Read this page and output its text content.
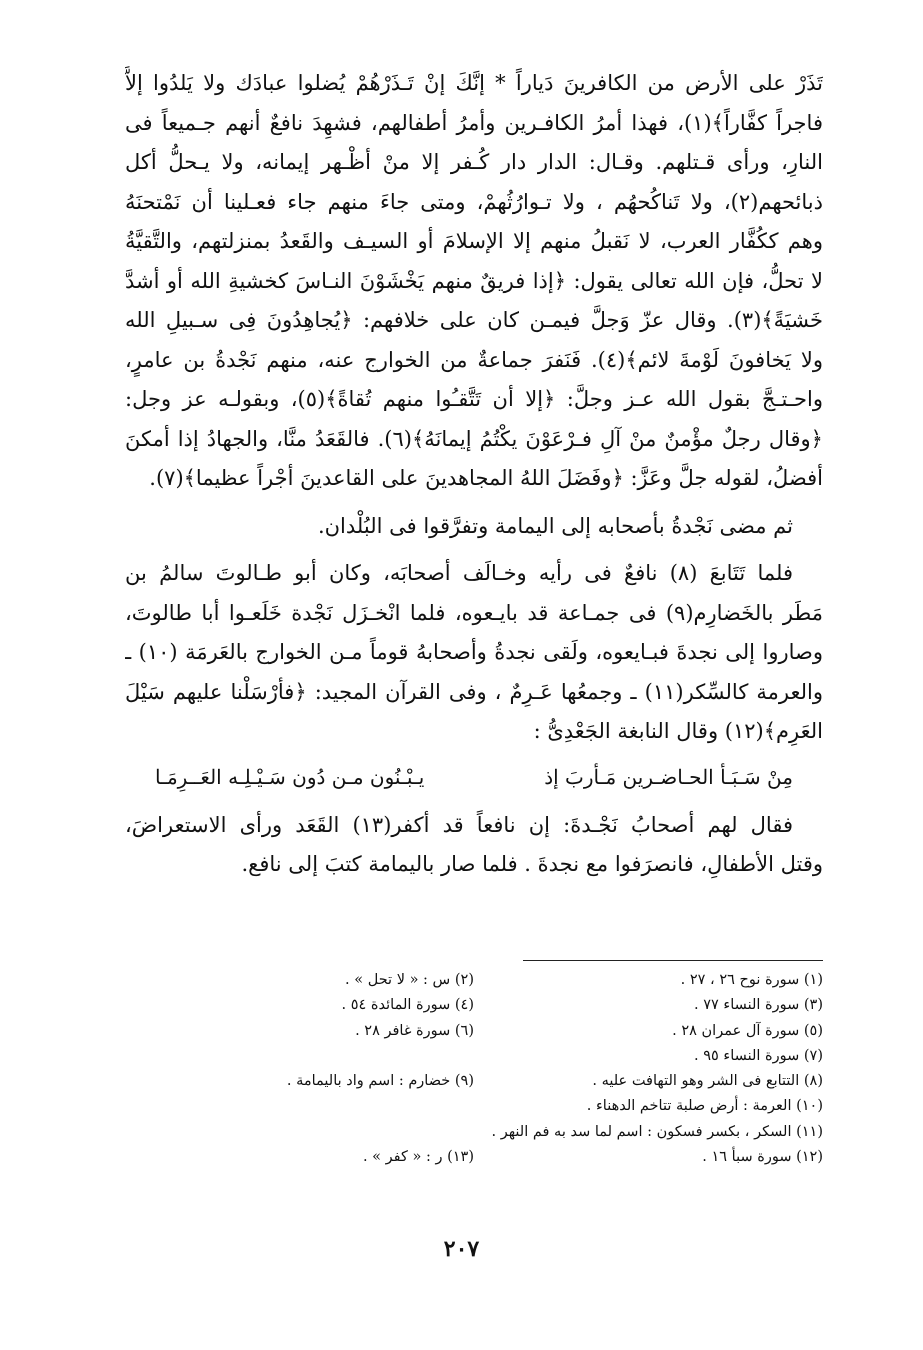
تَذَرْ على الأرض من الكافرينَ دَياراً * إنَّكَ إنْ تَـذَرْهُمْ يُضلوا عبادَك ولا يَلدُوا إلاَّ
فاجراً كفَّاراً﴾(١)، فهذا أمرُ الكافـرين وأمرُ أطفالهم، فشهِدَ نافعٌ أنهم جـميعاً فى
النارِ، ورأى قـتلهم. وقـال: الدار دار كُـفر إلا منْ أظْـهر إيمانه، ولا يـحلُّ أكل
ذبائحهم(٢)، ولا تَناكُحهُم ، ولا تـوارُثُهمْ، ومتى جاءَ منهم جاء فعـلينا أن نَمْتحنَهُ
وهم ككُفَّار العرب، لا نَقبلُ منهم إلا الإسلامَ أو السيـف والقَعدُ بمنزلتهم، والتَّقيَّةُ
لا تحلُّ، فإن الله تعالى يقول: ﴿إذا فريقٌ منهم يَخْشَوْنَ النـاسَ كخشيةِ الله أو أشدَّ
خَشيَةً﴾(٣). وقال عزّ وَجلَّ فيمـن كان على خلافهم: ﴿يُجاهِدُونَ فِى سـبيلِ الله
ولا يَخافونَ لَوْمةَ لائم﴾(٤). فَنَفرَ جماعةٌ من الخوارج عنه، منهم نَجْدةُ بن عامرٍ،
واحـتـجَّ بقول الله عـز وجلَّ: ﴿إلا أن تَتَّقـُوا منهم تُقاةً﴾(٥)، وبقولـه عز وجل:
﴿وقال رجلٌ مؤْمنٌ منْ آلِ فـرْعَوْنَ يكْتُمُ إيمانَهُ﴾(٦). فالقَعَدُ منَّا، والجهادُ إذا أمكنَ
أفضلُ، لقوله جلَّ وعَزَّ: ﴿وفَضَلَ اللهُ المجاهدينَ على القاعدينَ أجْراً عظيما﴾(٧).
ثم مضى نَجْدةُ بأصحابه إلى اليمامة وتفرَّقوا فى البُلْدان.
فلما تَتَابعَ (٨) نافعٌ فى رأيه وخـالَف أصحابَه، وكان أبو طـالوتَ سالمُ بن
مَطَر بالخَضارِم(٩) فى جمـاعة قد بايـعوه، فلما انْخـزَل نَجْدة خَلَعـوا أبا طالوتَ،
وصاروا إلى نجدةَ فبـايعوه، ولَقى نجدةُ وأصحابهُ قوماً مـن الخوارج بالعَرمَة (١٠) ـ
والعرمة كالسِّكر(١١) ـ وجمعُها عَـرِمٌ ، وفى القرآن المجيد: ﴿فأرْسَلْنا عليهم سَيْلَ
العَرِم﴾(١٢) وقال النابغة الجَعْدِىُّ :
مِنْ سَـبَـأ الحـاضـرين مَـأربَ إذ
يـبْـنُون مـن دُون سَـيْـلِـه العَــرِمَـا
فقال لهم أصحابُ نَجْـدةَ: إن نافعاً قد أكفر(١٣) القَعَد ورأى الاستعراضَ،
وقتل الأطفالِ، فانصرَفوا مع نجدةَ . فلما صار باليمامة كتبَ إلى نافع.
(١) سورة نوح ٢٦ ، ٢٧ .
(٢) س : « لا تحل » .
(٣) سورة النساء ٧٧ .
(٤) سورة المائدة ٥٤ .
(٥) سورة آل عمران ٢٨ .
(٦) سورة غافر ٢٨ .
(٧) سورة النساء ٩٥ .
(٨) التتابع فى الشر وهو التهافت عليه .
(٩) خضارم : اسم واد باليمامة .
(١٠) العرمة : أرض صلبة تتاخم الدهناء .
(١١) السكر ، بكسر فسكون : اسم لما سد به فم النهر .
(١٢) سورة سبأ ١٦ .
(١٣) ر : « كفر » .
٢٠٧
